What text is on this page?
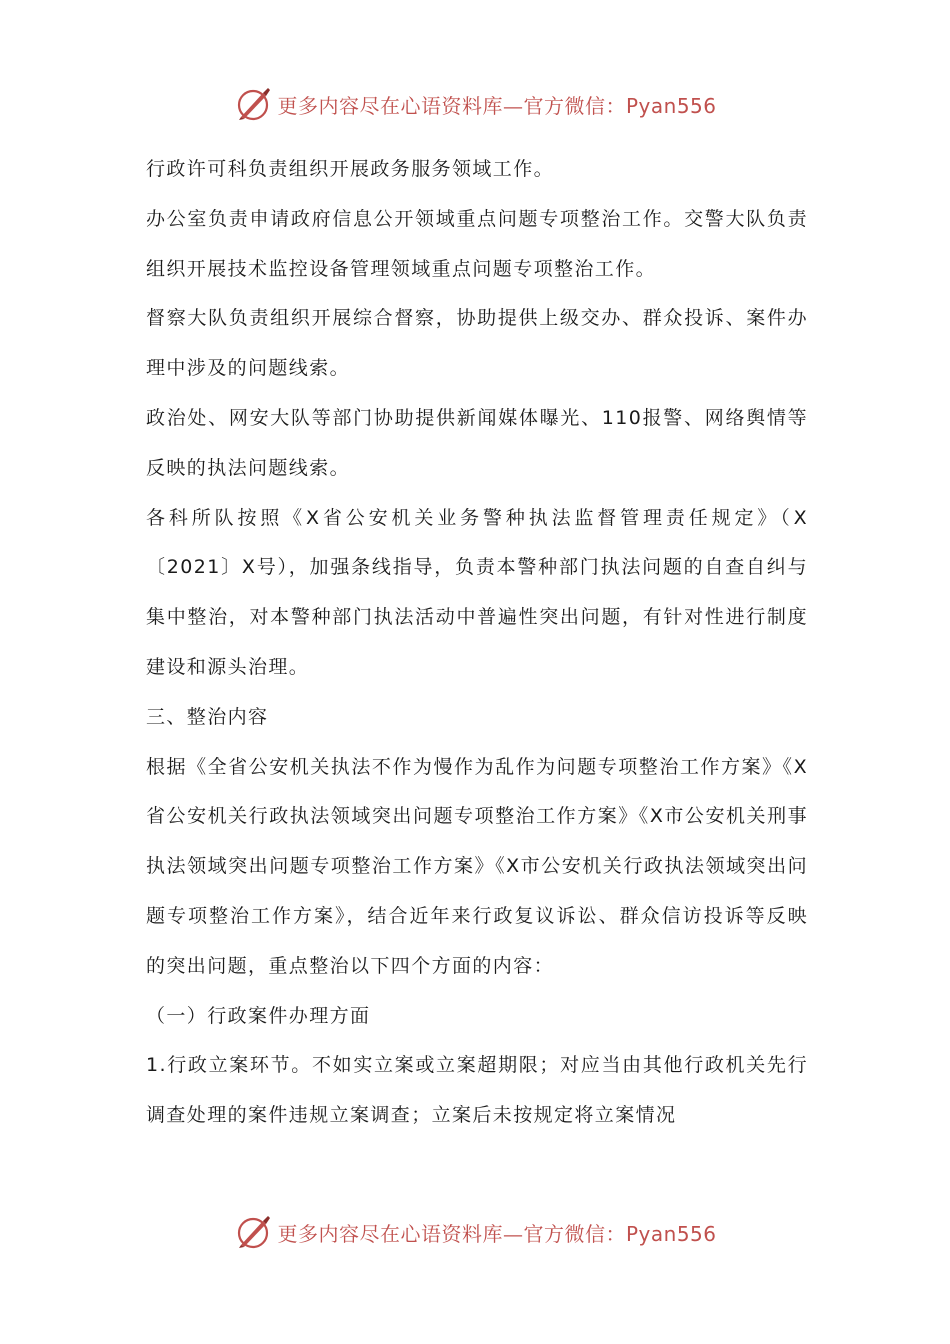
更多内容尽在心语资料库—官方微信：Pyan556

行政许可科负责组织开展政务服务领域工作。

办公室负责申请政府信息公开领域重点问题专项整治工作。交警大队负责组织开展技术监控设备管理领域重点问题专项整治工作。

督察大队负责组织开展综合督察，协助提供上级交办、群众投诉、案件办理中涉及的问题线索。

政治处、网安大队等部门协助提供新闻媒体曝光、110报警、网络舆情等反映的执法问题线索。

各科所队按照《X省公安机关业务警种执法监督管理责任规定》（X〔2021〕X号），加强条线指导，负责本警种部门执法问题的自查自纠与集中整治，对本警种部门执法活动中普遍性突出问题，有针对性进行制度建设和源头治理。

三、整治内容

根据《全省公安机关执法不作为慢作为乱作为问题专项整治工作方案》《X省公安机关行政执法领域突出问题专项整治工作方案》《X市公安机关刑事执法领域突出问题专项整治工作方案》《X市公安机关行政执法领域突出问题专项整治工作方案》，结合近年来行政复议诉讼、群众信访投诉等反映的突出问题，重点整治以下四个方面的内容：

（一）行政案件办理方面

1.行政立案环节。不如实立案或立案超期限；对应当由其他行政机关先行调查处理的案件违规立案调查；立案后未按规定将立案情况

更多内容尽在心语资料库—官方微信：Pyan556
